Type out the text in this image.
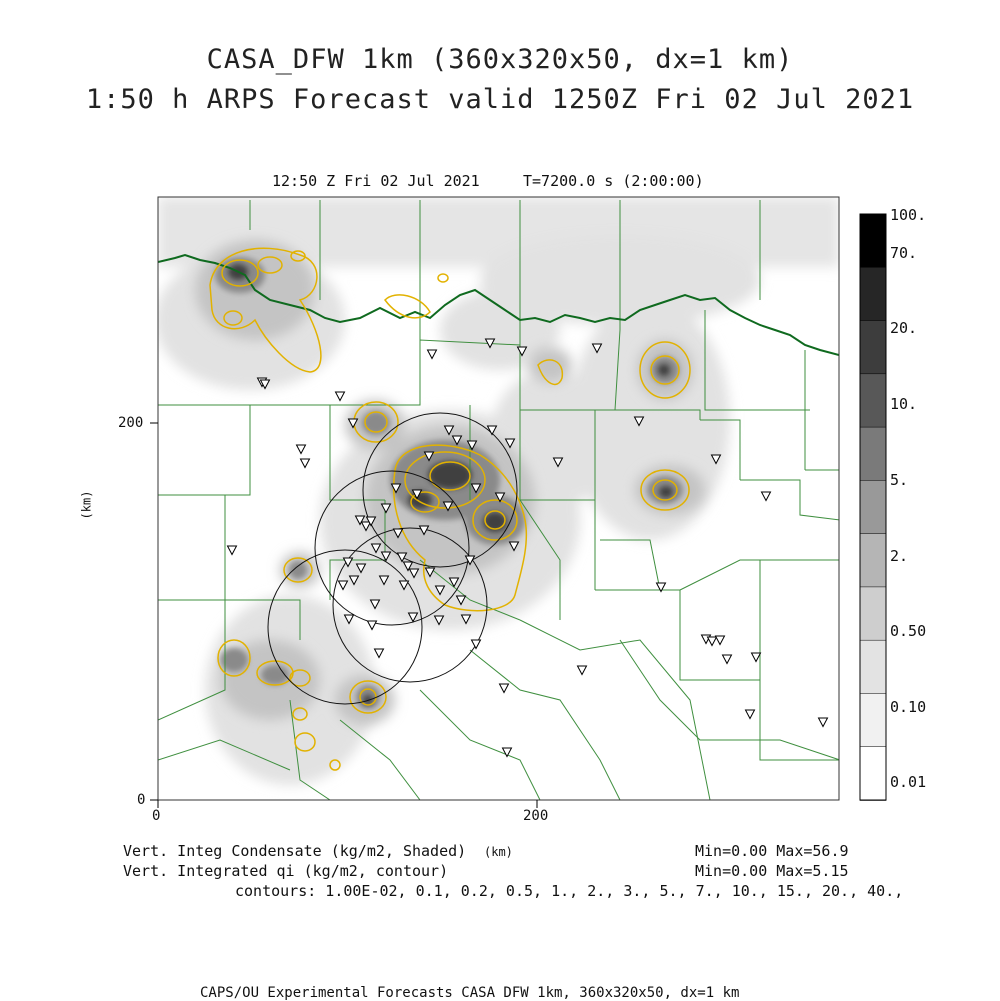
CASA_DFW 1km (360x320x50, dx=1 km)
1:50 h ARPS Forecast valid 1250Z Fri 02 Jul 2021
12:50 Z Fri 02 Jul 2021	T=7200.0 s (2:00:00)
0	200
0
200
(km)
(km)
100.
70.
20.
10.
5.
2.
0.50
0.10
0.01
Vert. Integ Condensate (kg/m2, Shaded)
Vert. Integrated qi (kg/m2, contour)
contours: 1.00E-02, 0.1, 0.2, 0.5, 1., 2., 3., 5., 7., 10., 15., 20., 40.,
Min=0.00 Max=56.9
Min=0.00 Max=5.15
CAPS/OU Experimental Forecasts CASA DFW 1km, 360x320x50, dx=1 km
